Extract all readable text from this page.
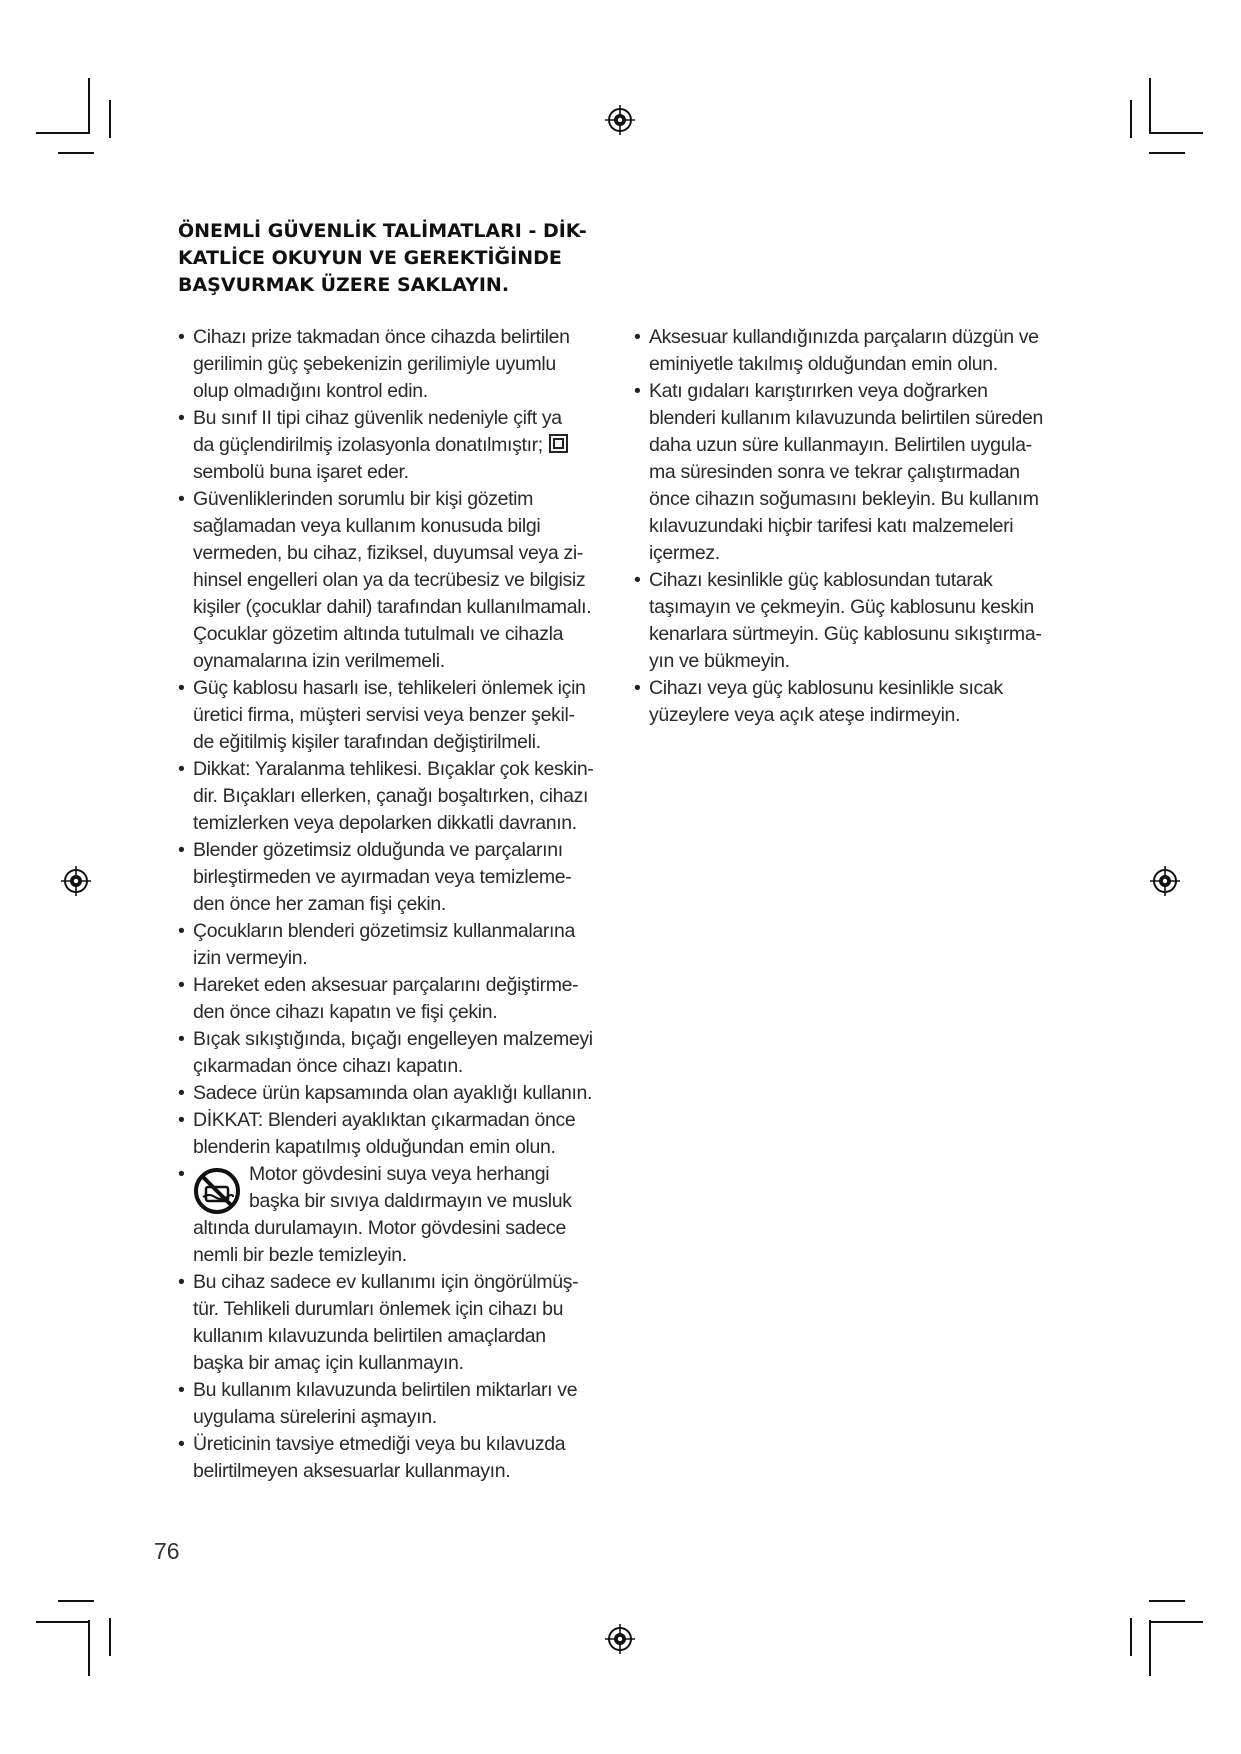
ÖNEMLİ GÜVENLİK TALİMATLARI - DİK-
KATLİCE OKUYUN VE GEREKTİĞİNDE
BAŞVURMAK ÜZERE SAKLAYIN.
• Cihazı prize takmadan önce cihazda belirtilen
gerilimin güç şebekenizin gerilimiyle uyumlu
olup olmadığını kontrol edin.
• Bu sınıf II tipi cihaz güvenlik nedeniyle çift ya
da güçlendirilmiş izolasyonla donatılmıştır;
sembolü buna işaret eder.
• Güvenliklerinden sorumlu bir kişi gözetim
sağlamadan veya kullanım konusuda bilgi
vermeden, bu cihaz, fiziksel, duyumsal veya zi-
hinsel engelleri olan ya da tecrübesiz ve bilgisiz
kişiler (çocuklar dahil) tarafından kullanılmamalı.
Çocuklar gözetim altında tutulmalı ve cihazla
oynamalarına izin verilmemeli.
• Güç kablosu hasarlı ise, tehlikeleri önlemek için
üretici firma, müşteri servisi veya benzer şekil-
de eğitilmiş kişiler tarafından değiştirilmeli.
• Dikkat: Yaralanma tehlikesi. Bıçaklar çok keskin-
dir. Bıçakları ellerken, çanağı boşaltırken, cihazı
temizlerken veya depolarken dikkatli davranın.
• Blender gözetimsiz olduğunda ve parçalarını
birleştirmeden ve ayırmadan veya temizleme-
den önce her zaman fişi çekin.
• Çocukların blenderi gözetimsiz kullanmalarına
izin vermeyin.
• Hareket eden aksesuar parçalarını değiştirme-
den önce cihazı kapatın ve fişi çekin.
• Bıçak sıkıştığında, bıçağı engelleyen malzemeyi
çıkarmadan önce cihazı kapatın.
• Sadece ürün kapsamında olan ayaklığı kullanın.
• DİKKAT: Blenderi ayaklıktan çıkarmadan önce
blenderin kapatılmış olduğundan emin olun.
• Motor gövdesini suya veya herhangi
başka bir sıvıya daldırmayın ve musluk
altında durulamayın. Motor gövdesini sadece
nemli bir bezle temizleyin.
• Bu cihaz sadece ev kullanımı için öngörülmüş-
tür. Tehlikeli durumları önlemek için cihazı bu
kullanım kılavuzunda belirtilen amaçlardan
başka bir amaç için kullanmayın.
• Bu kullanım kılavuzunda belirtilen miktarları ve
uygulama sürelerini aşmayın.
• Üreticinin tavsiye etmediği veya bu kılavuzda
belirtilmeyen aksesuarlar kullanmayın.
• Aksesuar kullandığınızda parçaların düzgün ve
eminiyetle takılmış olduğundan emin olun.
• Katı gıdaları karıştırırken veya doğrarken
blenderi kullanım kılavuzunda belirtilen süreden
daha uzun süre kullanmayın. Belirtilen uygula-
ma süresinden sonra ve tekrar çalıştırmadan
önce cihazın soğumasını bekleyin. Bu kullanım
kılavuzundaki hiçbir tarifesi katı malzemeleri
içermez.
• Cihazı kesinlikle güç kablosundan tutarak
taşımayın ve çekmeyin. Güç kablosunu keskin
kenarlara sürtmeyin. Güç kablosunu sıkıştırma-
yın ve bükmeyin.
• Cihazı veya güç kablosunu kesinlikle sıcak
yüzeylere veya açık ateşe indirmeyin.
76
